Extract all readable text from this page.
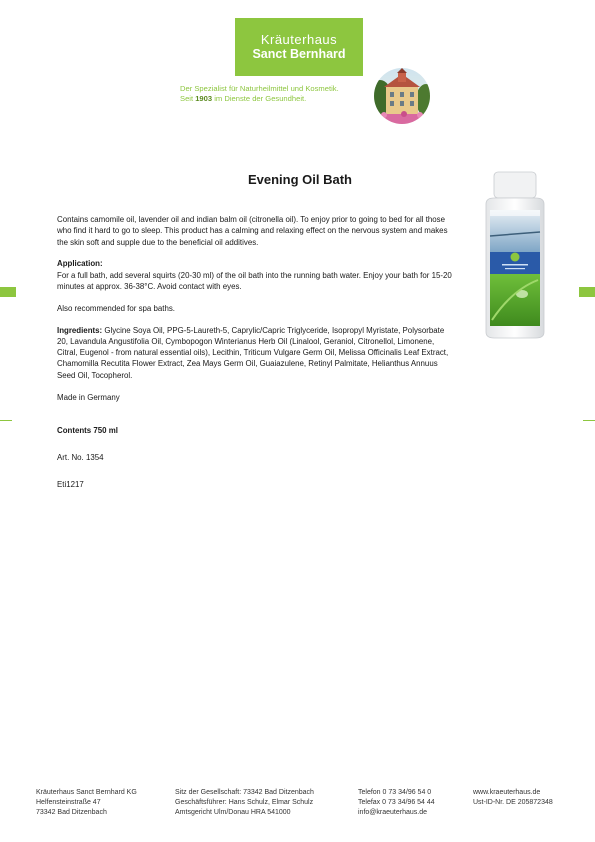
Kräuterhaus
Sanct Bernhard
Der Spezialist für Naturheilmittel und Kosmetik.
Seit 1903 im Dienste der Gesundheit.
Evening Oil Bath

Contains camomile oil, lavender oil and indian balm oil (citronella oil). To enjoy prior to going to bed for all those who find it hard to go to sleep. This product has a calming and relaxing effect on the nervous system and makes the skin soft and supple due to the beneficial oil additives.

Application:
For a full bath, add several squirts (20-30 ml) of the oil bath into the running bath water. Enjoy your bath for 15-20 minutes at approx. 36-38°C. Avoid contact with eyes.

Also recommended for spa baths.

Ingredients: Glycine Soya Oil, PPG-5-Laureth-5, Caprylic/Capric Triglyceride, Isopropyl Myristate, Polysorbate 20, Lavandula Angustifolia Oil, Cymbopogon Winterianus Herb Oil (Linalool, Geraniol, Citronellol, Limonene, Citral, Eugenol - from natural essential oils), Lecithin, Triticum Vulgare Germ Oil, Melissa Officinalis Leaf Extract, Chamomilla Recutita Flower Extract, Zea Mays Germ Oil, Guaiazulene, Retinyl Palmitate, Helianthus Annuus Seed Oil, Tocopherol.

Made in Germany

Contents 750 ml

Art. No. 1354

Eti1217

Kräuterhaus Sanct Bernhard KG
Helfensteinstraße 47
73342 Bad Ditzenbach
Sitz der Gesellschaft: 73342 Bad Ditzenbach
Geschäftsführer: Hans Schulz, Elmar Schulz
Amtsgericht Ulm/Donau HRA 541000
Telefon 0 73 34/96 54 0
Telefax 0 73 34/96 54 44
info@kraeuterhaus.de
www.kraeuterhaus.de
Ust-ID-Nr. DE 205872348
